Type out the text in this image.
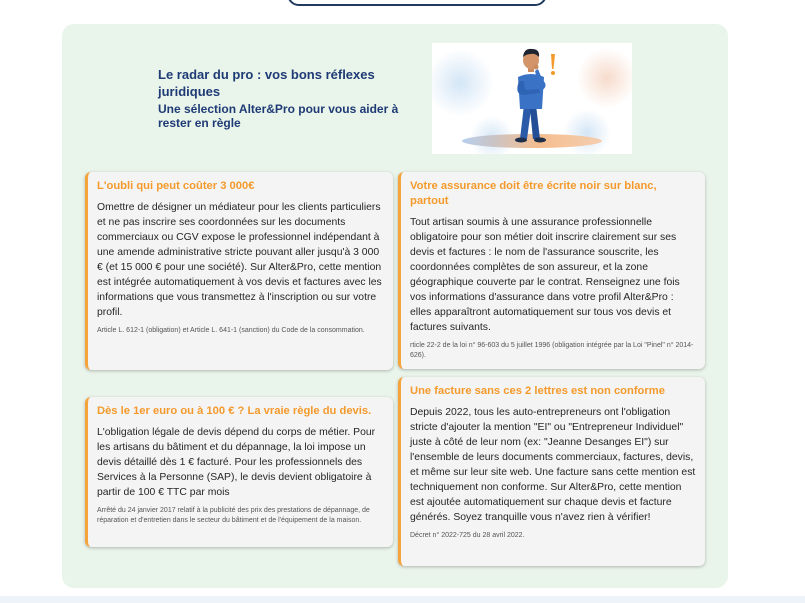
Le radar du pro : vos bons réflexes juridiques

Une sélection Alter&Pro pour vous aider à rester en règle

L'oubli qui peut coûter 3 000€

Omettre de désigner un médiateur pour les clients particuliers et ne pas inscrire ses coordonnées sur les documents commerciaux ou CGV expose le professionnel indépendant à une amende administrative stricte pouvant aller jusqu'à 3 000 € (et 15 000 € pour une société). Sur Alter&Pro, cette mention est intégrée automatiquement à vos devis et factures avec les informations que vous transmettez à l'inscription ou sur votre profil.

Article L. 612-1 (obligation) et Article L. 641-1 (sanction) du Code de la consommation.

Votre assurance doit être écrite noir sur blanc, partout

Tout artisan soumis à une assurance professionnelle obligatoire pour son métier doit inscrire clairement sur ses devis et factures : le nom de l'assurance souscrite, les coordonnées complètes de son assureur, et la zone géographique couverte par le contrat. Renseignez une fois vos informations d'assurance dans votre profil Alter&Pro : elles apparaîtront automatiquement sur tous vos devis et factures suivants.

rticle 22-2 de la loi n° 96-603 du 5 juillet 1996 (obligation intégrée par la Loi "Pinel" n° 2014-626).

Dès le 1er euro ou à 100 € ? La vraie règle du devis.

L'obligation légale de devis dépend du corps de métier. Pour les artisans du bâtiment et du dépannage, la loi impose un devis détaillé dès 1 € facturé. Pour les professionnels des Services à la Personne (SAP), le devis devient obligatoire à partir de 100 € TTC par mois

Arrêté du 24 janvier 2017 relatif à la publicité des prix des prestations de dépannage, de réparation et d'entretien dans le secteur du bâtiment et de l'équipement de la maison.

Une facture sans ces 2 lettres est non conforme

Depuis 2022, tous les auto-entrepreneurs ont l'obligation stricte d'ajouter la mention "EI" ou "Entrepreneur Individuel" juste à côté de leur nom (ex: "Jeanne Desanges EI") sur l'ensemble de leurs documents commerciaux, factures, devis, et même sur leur site web. Une facture sans cette mention est techniquement non conforme. Sur Alter&Pro, cette mention est ajoutée automatiquement sur chaque devis et facture générés. Soyez tranquille vous n'avez rien à vérifier!

Décret n° 2022-725 du 28 avril 2022.
